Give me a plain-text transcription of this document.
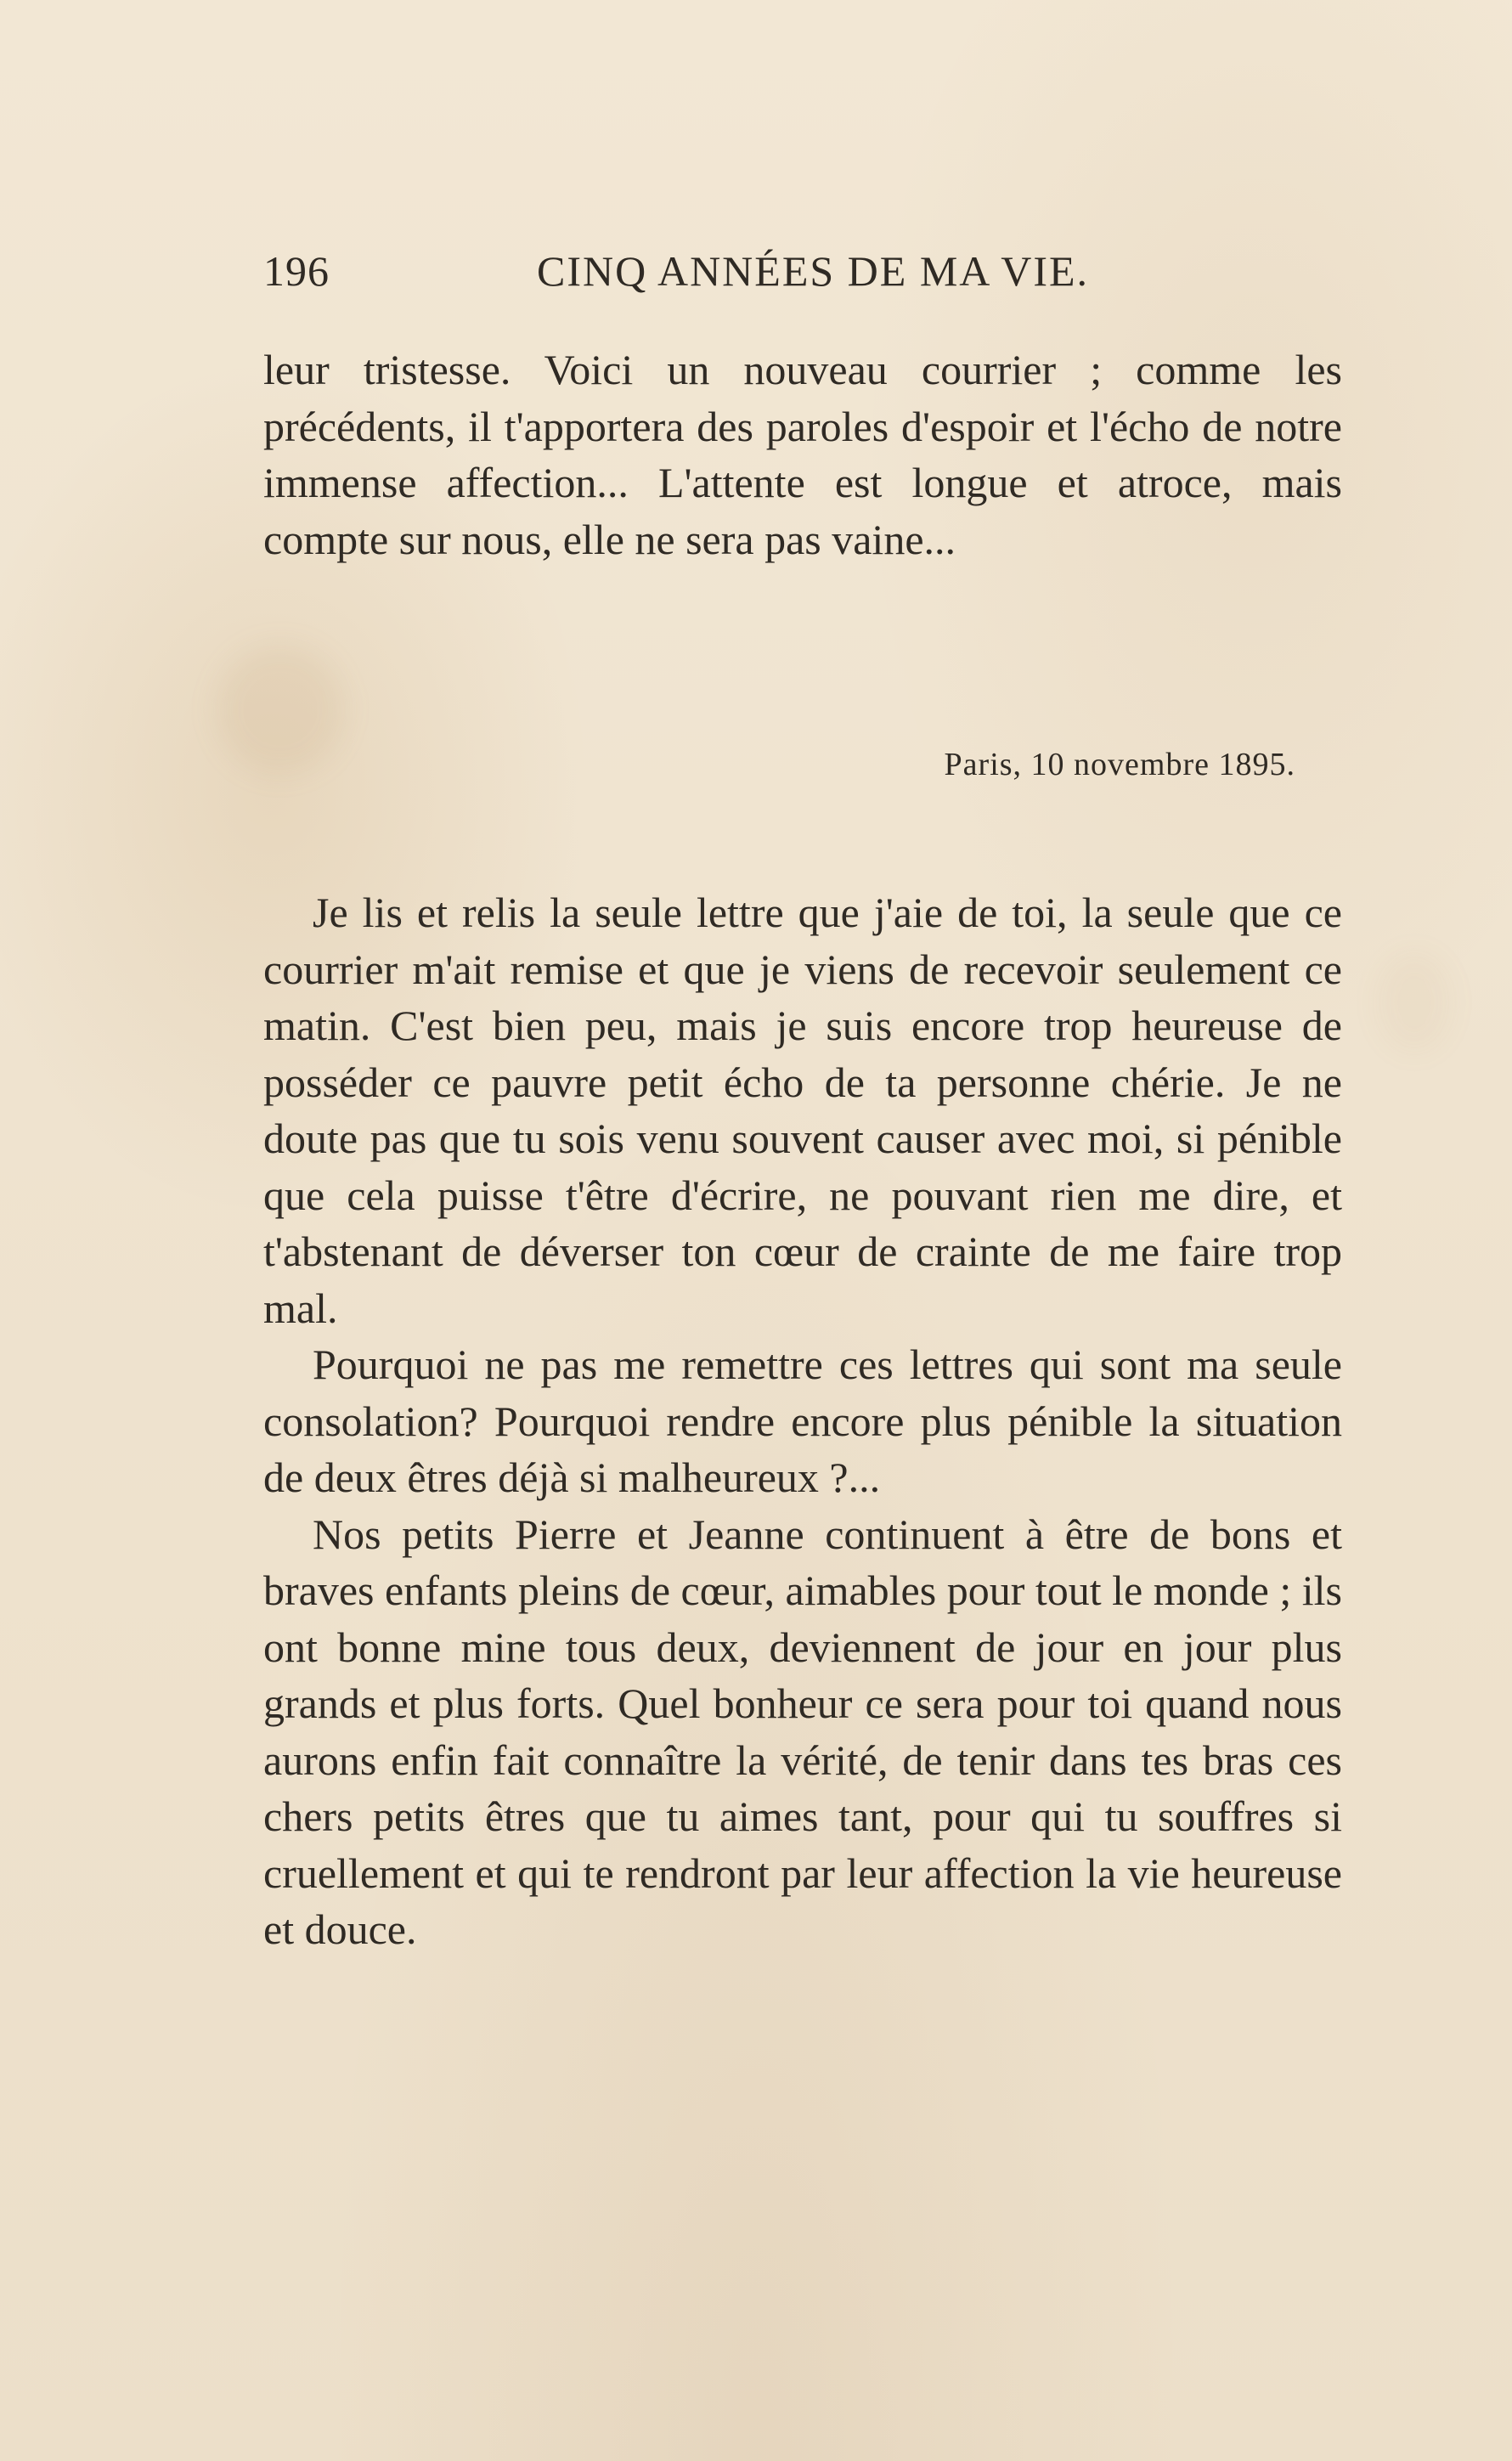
196	CINQ ANNÉES DE MA VIE.

leur tristesse. Voici un nouveau courrier ; comme les précédents, il t'apportera des paroles d'espoir et l'écho de notre immense affection... L'attente est longue et atroce, mais compte sur nous, elle ne sera pas vaine...

Paris, 10 novembre 1895.

Je lis et relis la seule lettre que j'aie de toi, la seule que ce courrier m'ait remise et que je viens de recevoir seulement ce matin. C'est bien peu, mais je suis encore trop heureuse de posséder ce pauvre petit écho de ta personne chérie. Je ne doute pas que tu sois venu souvent causer avec moi, si pénible que cela puisse t'être d'écrire, ne pouvant rien me dire, et t'abstenant de déverser ton cœur de crainte de me faire trop mal.

Pourquoi ne pas me remettre ces lettres qui sont ma seule consolation? Pourquoi rendre encore plus pénible la situation de deux êtres déjà si malheureux ?...

Nos petits Pierre et Jeanne continuent à être de bons et braves enfants pleins de cœur, aimables pour tout le monde ; ils ont bonne mine tous deux, deviennent de jour en jour plus grands et plus forts. Quel bonheur ce sera pour toi quand nous aurons enfin fait connaître la vérité, de tenir dans tes bras ces chers petits êtres que tu aimes tant, pour qui tu souffres si cruellement et qui te rendront par leur affection la vie heureuse et douce.
